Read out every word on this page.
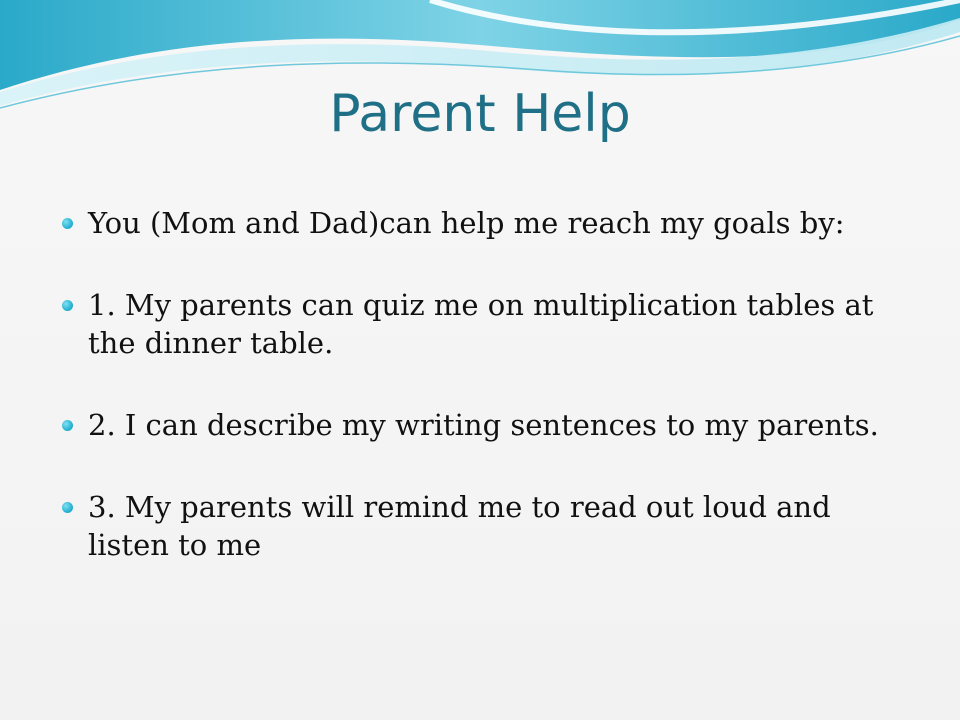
Parent Help
You (Mom and Dad)can help me reach my goals by:
1. My parents can quiz me on multiplication tables at the dinner table.
2. I can describe my writing sentences to my parents.
3. My parents will remind me to read out loud and listen to me
